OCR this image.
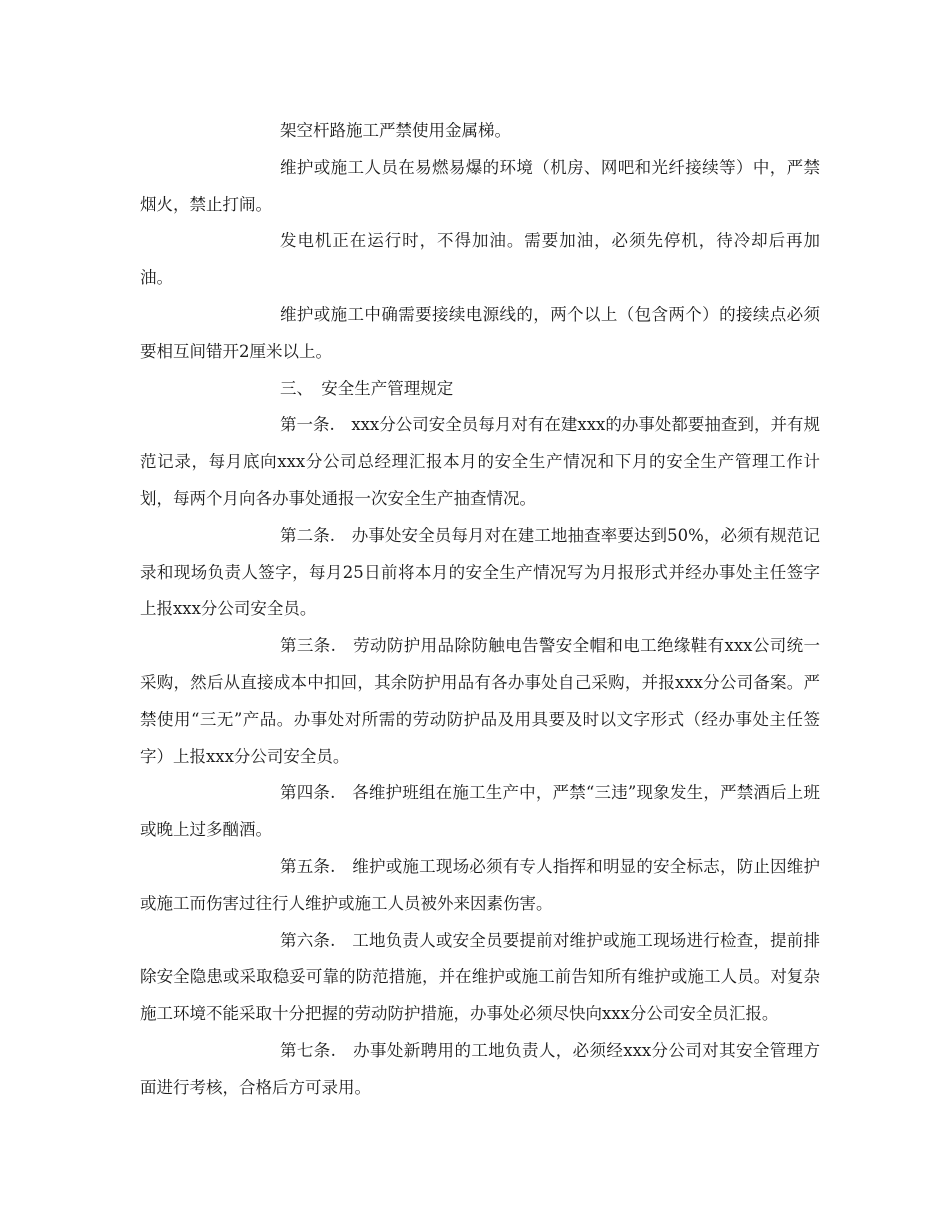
架空杆路施工严禁使用金属梯。

维护或施工人员在易燃易爆的环境（机房、网吧和光纤接续等）中，严禁烟火，禁止打闹。

发电机正在运行时，不得加油。需要加油，必须先停机，待冷却后再加油。

维护或施工中确需要接续电源线的，两个以上（包含两个）的接续点必须要相互间错开2厘米以上。

三、　安全生产管理规定

第一条.　xxx分公司安全员每月对有在建xxx的办事处都要抽查到，并有规范记录，每月底向xxx分公司总经理汇报本月的安全生产情况和下月的安全生产管理工作计划，每两个月向各办事处通报一次安全生产抽查情况。

第二条.　办事处安全员每月对在建工地抽查率要达到50%，必须有规范记录和现场负责人签字，每月25日前将本月的安全生产情况写为月报形式并经办事处主任签字上报xxx分公司安全员。

第三条.　劳动防护用品除防触电告警安全帽和电工绝缘鞋有xxx公司统一采购，然后从直接成本中扣回，其余防护用品有各办事处自己采购，并报xxx分公司备案。严禁使用“三无”产品。办事处对所需的劳动防护品及用具要及时以文字形式（经办事处主任签字）上报xxx分公司安全员。

第四条.　各维护班组在施工生产中，严禁“三违”现象发生，严禁酒后上班或晚上过多酗酒。

第五条.　维护或施工现场必须有专人指挥和明显的安全标志，防止因维护或施工而伤害过往行人维护或施工人员被外来因素伤害。

第六条.　工地负责人或安全员要提前对维护或施工现场进行检查，提前排除安全隐患或采取稳妥可靠的防范措施，并在维护或施工前告知所有维护或施工人员。对复杂施工环境不能采取十分把握的劳动防护措施，办事处必须尽快向xxx分公司安全员汇报。

第七条.　办事处新聘用的工地负责人，必须经xxx分公司对其安全管理方面进行考核，合格后方可录用。
